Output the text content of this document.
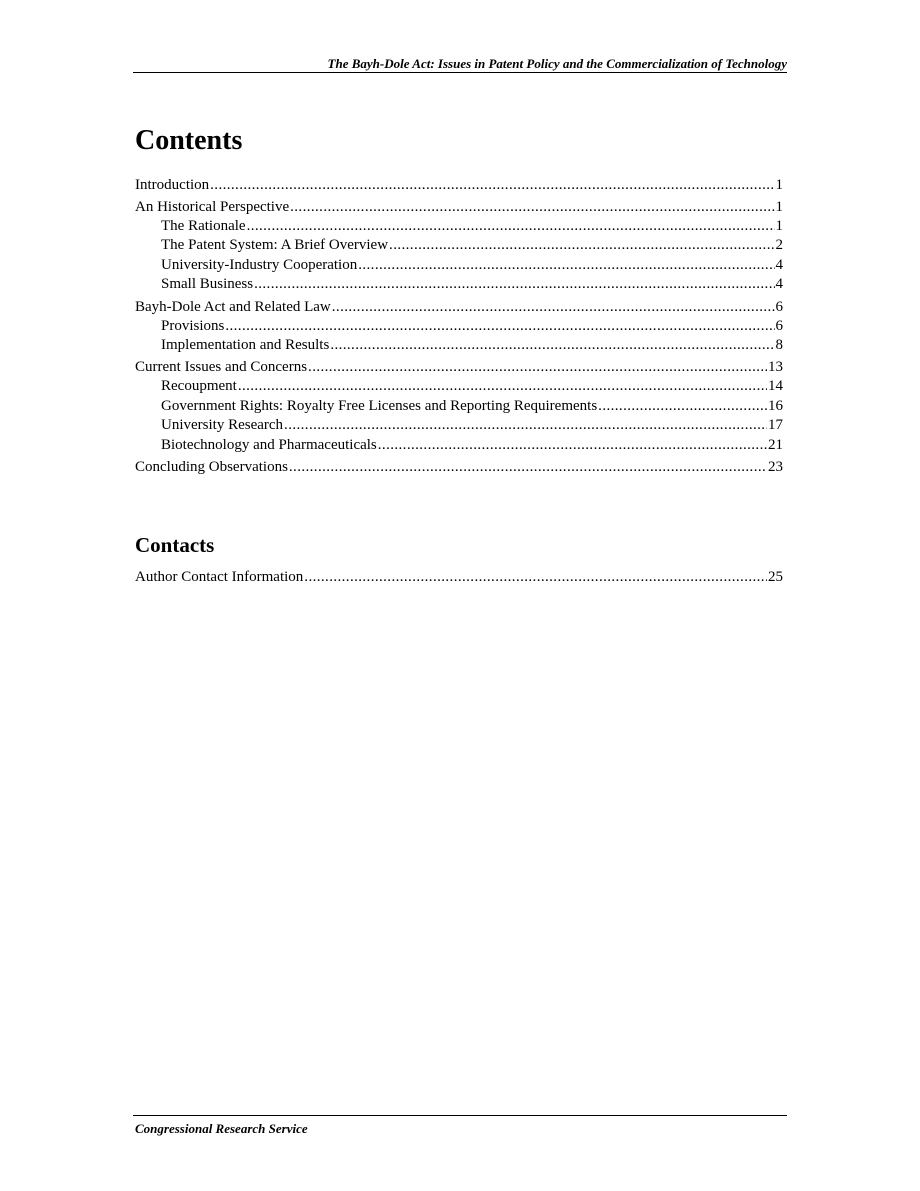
The Bayh-Dole Act: Issues in Patent Policy and the Commercialization of Technology
Contents
Introduction .....	1
An Historical Perspective .....	1
The Rationale .....	1
The Patent System: A Brief Overview .....	2
University-Industry Cooperation .....	4
Small Business .....	4
Bayh-Dole Act and Related Law .....	6
Provisions .....	6
Implementation and Results .....	8
Current Issues and Concerns .....	13
Recoupment .....	14
Government Rights: Royalty Free Licenses and Reporting Requirements .....	16
University Research .....	17
Biotechnology and Pharmaceuticals .....	21
Concluding Observations .....	23
Contacts
Author Contact Information .....	25
Congressional Research Service
